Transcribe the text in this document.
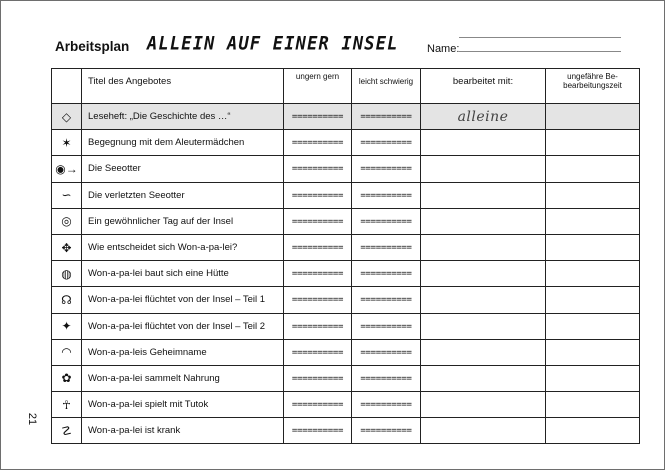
Arbeitsplan ALLEIN AUF EINER INSEL	Name:
	Titel des Angebotes	ungern gern	leicht schwierig	bearbeitet mit:	ungefähre Be- bearbeitungszeit
◇	Leseheft: „Die Geschichte des …“	==========	==========	alleine	
✶	Begegnung mit dem Aleutermädchen	==========	==========		
◉→	Die Seeotter	==========	==========		
∽	Die verletzten Seeotter	==========	==========		
◎	Ein gewöhnlicher Tag auf der Insel	==========	==========		
✥	Wie entscheidet sich Won-a-pa-lei?	==========	==========		
◍	Won-a-pa-lei baut sich eine Hütte	==========	==========		
☊	Won-a-pa-lei flüchtet von der Insel – Teil 1	==========	==========		
✦	Won-a-pa-lei flüchtet von der Insel – Teil 2	==========	==========		
◠	Won-a-pa-leis Geheimname	==========	==========		
✿	Won-a-pa-lei sammelt Nahrung	==========	==========		
☥	Won-a-pa-lei spielt mit Tutok	==========	==========		
☡	Won-a-pa-lei ist krank	==========	==========		
21
